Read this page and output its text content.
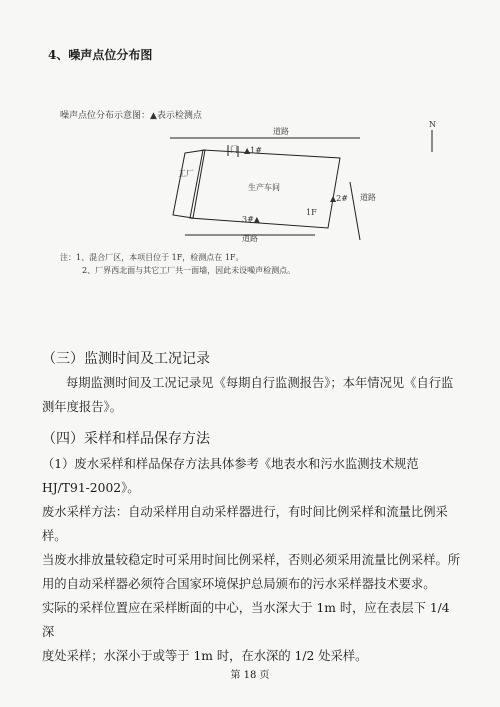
4、噪声点位分布图
噪声点位分布示意图：▲表示检测点
道路
道路
道路
工厂
门
生产车间
▲1#
▲2#
3#▲
1F
N
注：1、混合厂区，本项目位于 1F，检测点在 1F。
2、厂界西北面与其它工厂共一面墙，因此未设噪声检测点。
（三）监测时间及工况记录
每期监测时间及工况记录见《每期自行监测报告》；本年情况见《自行监
测年度报告》。
（四）采样和样品保存方法
（1）废水采样和样品保存方法具体参考《地表水和污水监测技术规范
HJ/T91-2002》。
废水采样方法：自动采样用自动采样器进行，有时间比例采样和流量比例采样。
当废水排放量较稳定时可采用时间比例采样，否则必须采用流量比例采样。所
用的自动采样器必须符合国家环境保护总局颁布的污水采样器技术要求。
实际的采样位置应在采样断面的中心，当水深大于 1m 时，应在表层下 1/4 深
度处采样；水深小于或等于 1m 时，在水深的 1/2 处采样。
第 18 页
